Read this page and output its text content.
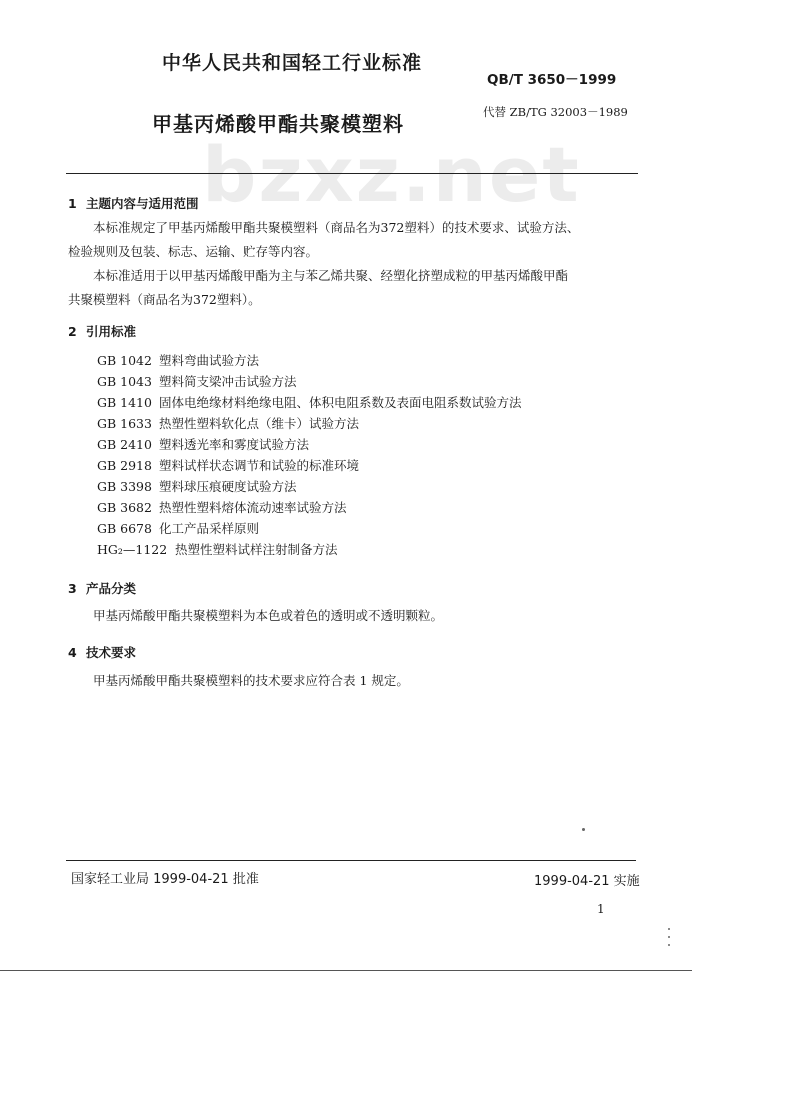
bzxz.net
中华人民共和国轻工行业标准
QB/T 3650－1999
甲基丙烯酸甲酯共聚模塑料	代替 ZB/TG 32003－1989
1 主题内容与适用范围
本标准规定了甲基丙烯酸甲酯共聚模塑料（商品名为372塑料）的技术要求、试验方法、
检验规则及包装、标志、运输、贮存等内容。
本标准适用于以甲基丙烯酸甲酯为主与苯乙烯共聚、经塑化挤塑成粒的甲基丙烯酸甲酯
共聚模塑料（商品名为372塑料）。
2 引用标准
GB 1042 塑料弯曲试验方法
GB 1043 塑料简支梁冲击试验方法
GB 1410 固体电绝缘材料绝缘电阻、体积电阻系数及表面电阻系数试验方法
GB 1633 热塑性塑料软化点（维卡）试验方法
GB 2410 塑料透光率和雾度试验方法
GB 2918 塑料试样状态调节和试验的标准环境
GB 3398 塑料球压痕硬度试验方法
GB 3682 热塑性塑料熔体流动速率试验方法
GB 6678 化工产品采样原则
HG₂—1122 热塑性塑料试样注射制备方法
3 产品分类
甲基丙烯酸甲酯共聚模塑料为本色或着色的透明或不透明颗粒。
4 技术要求
甲基丙烯酸甲酯共聚模塑料的技术要求应符合表 1 规定。
国家轻工业局 1999-04-21 批准	1999-04-21 实施
1
